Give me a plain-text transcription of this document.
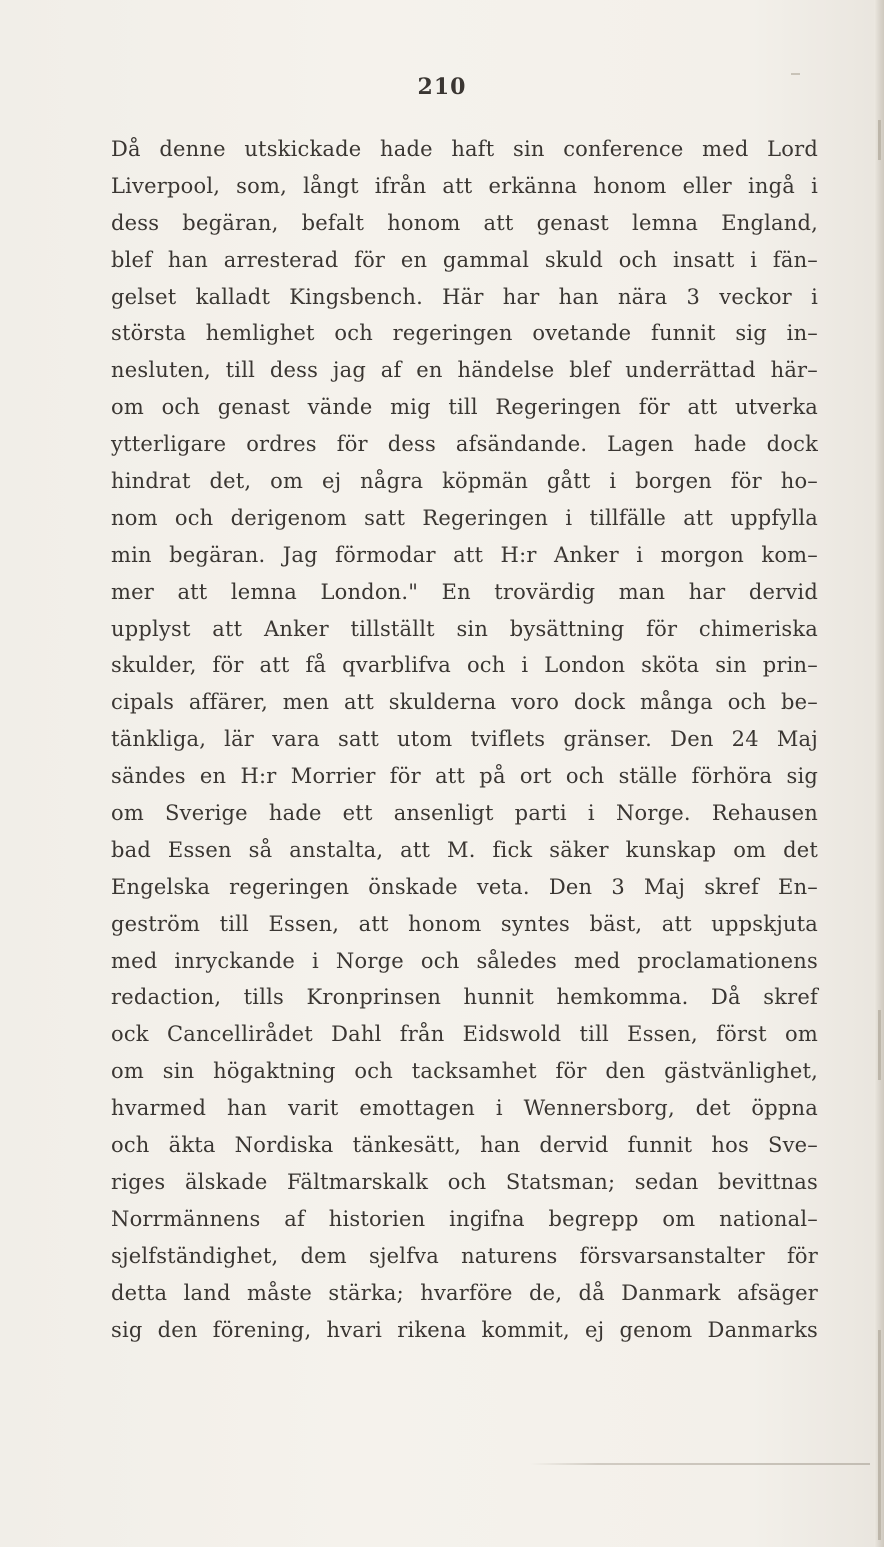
210
Då denne utskickade hade haft sin conference med Lord
Liverpool, som, långt ifrån att erkänna honom eller ingå i
dess begäran, befalt honom att genast lemna England,
blef han arresterad för en gammal skuld och insatt i fän–
gelset kalladt Kingsbench. Här har han nära 3 veckor i
största hemlighet och regeringen ovetande funnit sig in–
nesluten, till dess jag af en händelse blef underrättad här–
om och genast vände mig till Regeringen för att utverka
ytterligare ordres för dess afsändande. Lagen hade dock
hindrat det, om ej några köpmän gått i borgen för ho–
nom och derigenom satt Regeringen i tillfälle att uppfylla
min begäran. Jag förmodar att H:r Anker i morgon kom–
mer att lemna London." En trovärdig man har dervid
upplyst att Anker tillställt sin bysättning för chimeriska
skulder, för att få qvarblifva och i London sköta sin prin–
cipals affärer, men att skulderna voro dock många och be–
tänkliga, lär vara satt utom tviflets gränser. Den 24 Maj
sändes en H:r Morrier för att på ort och ställe förhöra sig
om Sverige hade ett ansenligt parti i Norge. Rehausen
bad Essen så anstalta, att M. fick säker kunskap om det
Engelska regeringen önskade veta. Den 3 Maj skref En–
geström till Essen, att honom syntes bäst, att uppskjuta
med inryckande i Norge och således med proclamationens
redaction, tills Kronprinsen hunnit hemkomma. Då skref
ock Cancellirådet Dahl från Eidswold till Essen, först om
om sin högaktning och tacksamhet för den gästvänlighet,
hvarmed han varit emottagen i Wennersborg, det öppna
och äkta Nordiska tänkesätt, han dervid funnit hos Sve–
riges älskade Fältmarskalk och Statsman; sedan bevittnas
Norrmännens af historien ingifna begrepp om national–
sjelfständighet, dem sjelfva naturens försvarsanstalter för
detta land måste stärka; hvarföre de, då Danmark afsäger
sig den förening, hvari rikena kommit, ej genom Danmarks
